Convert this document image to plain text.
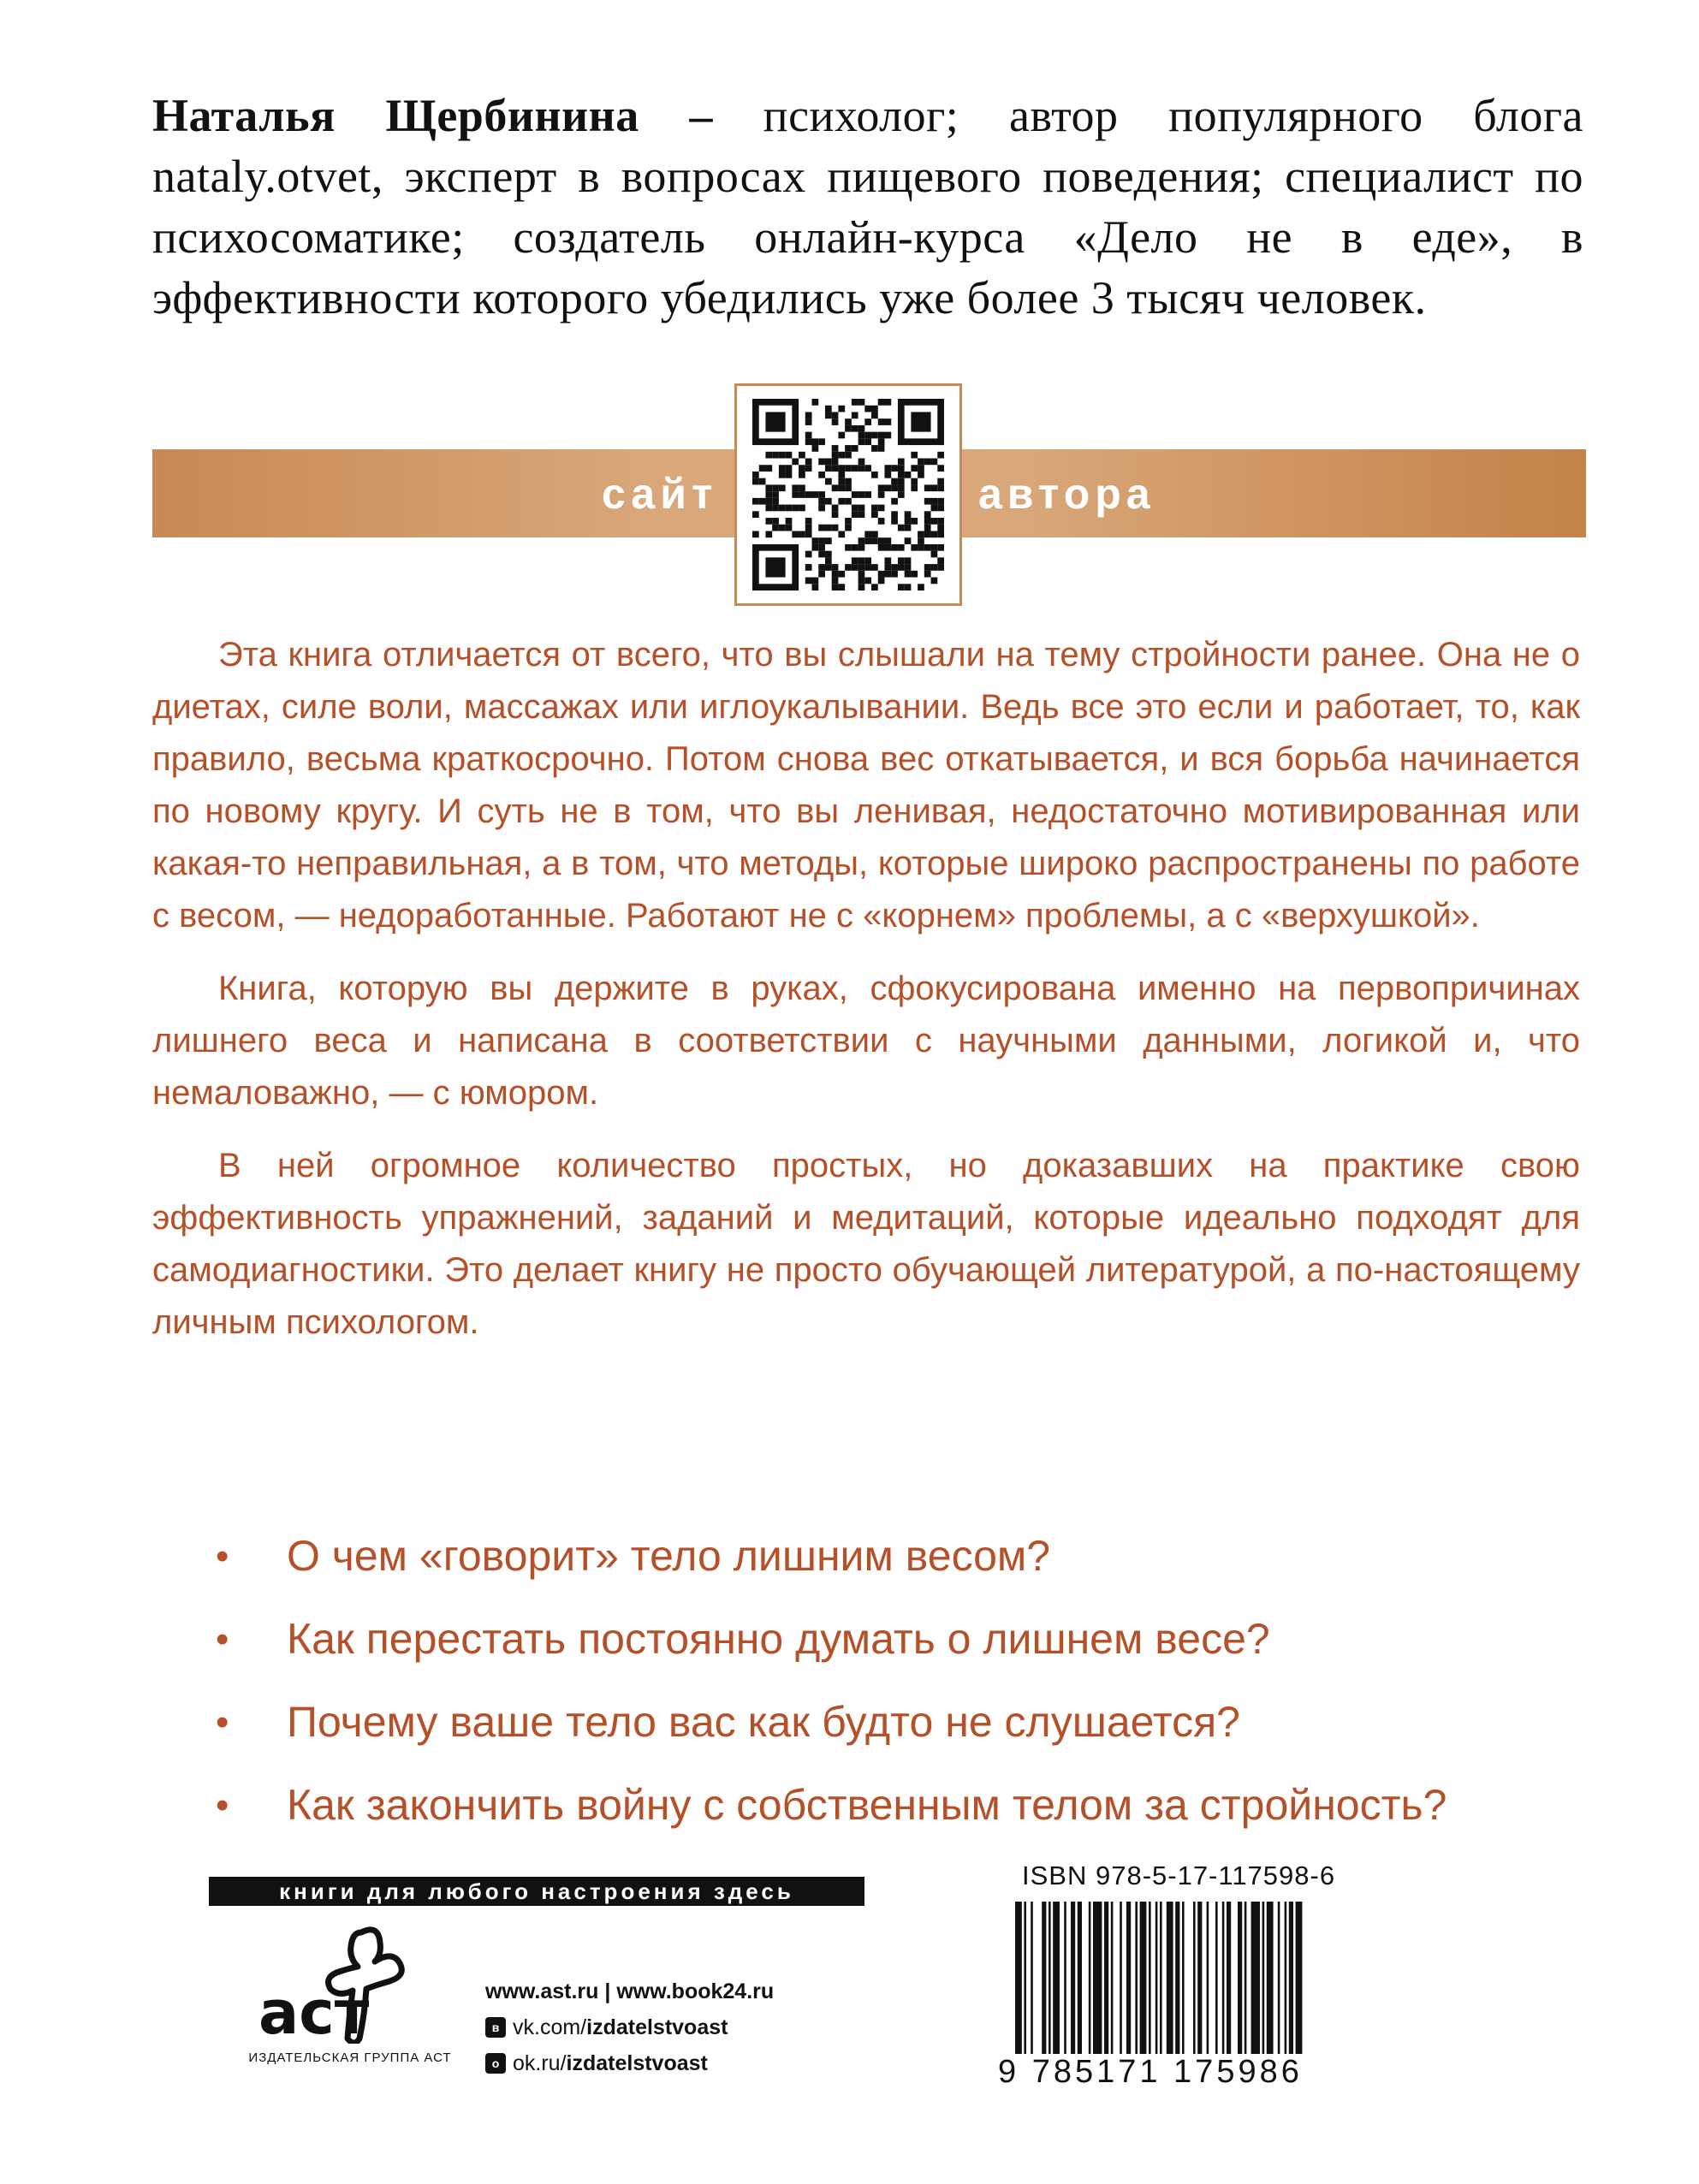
Наталья Щербинина – психолог; автор популярного блога nataly.otvet, эксперт в вопросах пищевого поведения; специалист по психосоматике; создатель онлайн-курса «Дело не в еде», в эффективности которого убедились уже более 3 тысяч человек.
сайт	автора

Эта книга отличается от всего, что вы слышали на тему стройности ранее. Она не о диетах, силе воли, массажах или иглоукалывании. Ведь все это если и работает, то, как правило, весьма краткосрочно. Потом снова вес откатывается, и вся борьба начинается по новому кругу. И суть не в том, что вы ленивая, недостаточно мотивированная или какая-то неправильная, а в том, что методы, которые широко распространены по работе с весом, — недоработанные. Работают не с «корнем» проблемы, а с «верхушкой».

Книга, которую вы держите в руках, сфокусирована именно на первопричинах лишнего веса и написана в соответствии с научными данными, логикой и, что немаловажно, — с юмором.

В ней огромное количество простых, но доказавших на практике свою эффективность упражнений, заданий и медитаций, которые идеально подходят для самодиагностики. Это делает книгу не просто обучающей литературой, а по-настоящему личным психологом.

• О чем «говорит» тело лишним весом?
• Как перестать постоянно думать о лишнем весе?
• Почему ваше тело вас как будто не слушается?
• Как закончить войну с собственным телом за стройность?
книги для любого настроения здесь
аст
ИЗДАТЕЛЬСКАЯ ГРУППА АСТ
www.ast.ru | www.book24.ru
в vk.com/ izdatelstvoast

о ok.ru/ izdatelstvoast
ISBN 978-5-17-117598-6
9 785171 175986
